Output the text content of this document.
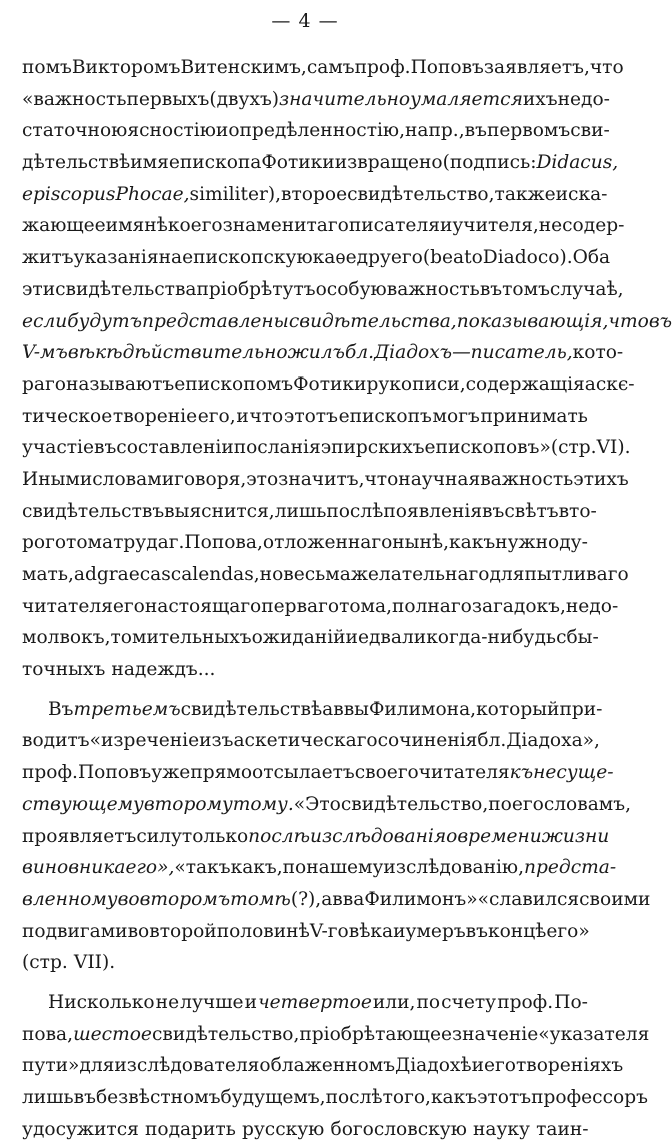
— 4 —
помъ Викторомъ Витенскимъ, самъ проф. Поповъ заявляетъ, что
«важность первыхъ (двухъ) значительно умаляется ихъ недо-
статочною ясностію и опредѣленностію, напр., въ первомъ сви-
дѣтельствѣ имя епископа Фотики извращено (подпись: Didacus,
episcopus Phocae, similiter), второе свидѣтельство, также иска-
жающее имя нѣкоего знаменитаго писателя и учителя, не содер-
житъ указанія на епископскую каѳедру его (beato Diadoco). Оба
эти свидѣтельства пріобрѣтутъ особую важность въ томъ случаѣ,
если будутъ представлены свидѣтельства, показывающія, что въ
V-мъ вѣкѣ дѣйствительно жилъ бл. Діадохъ — писатель, кото-
раго называютъ епископомъ Фотики рукописи, содержащія аскє-
тическое твореніе его, и что этотъ епископъ могъ принимать
участіе въ составленіи посланія эпирскихъ епископовъ» (стр. VI).
Иными словами говоря, это значитъ, что научная важность этихъ
свидѣтельствъ выяснится, лишь послѣ появленія въ свѣтъ вто-
рого тома труда г. Попова, отложеннаго нынѣ, какъ нужно ду-
мать, ad graecas calendas, но весьма желательнаго для пытливаго
читателя его настоящаго перваго тома, полнаго загадокъ, недо-
молвокъ, томительныхъ ожиданій и едва ли когда-нибудь сбы-
точныхъ надеждъ...
Въ третьемъ свидѣтельствѣ аввы Филимона, который при-
водитъ «изреченіе изъ аскетическаго сочиненія бл. Діадоха»,
проф. Поповъ уже прямо отсылаетъ своего читателя къ несуще-
ствующему второму тому. «Это свидѣтельство, по его словамъ,
проявляетъ силу только послѣ изслѣдованія о времени жизни
виновника его», «такъ какъ, по нашему изслѣдованію, предста-
вленному во второмъ томѣ (?), авва Филимонъ» «славился своими
подвигами во второй половинѣ V-го вѣка и умеръ въ концѣ его»
(стр. VII).
Нисколько не лучше и четвертое или, по счету проф. По-
пова, шестое свидѣтельство, пріобрѣтающее значеніе «указателя
пути» для изслѣдователя о блаженномъ Діадохѣ и его твореніяхъ
лишь въ безвѣстномъ будущемъ, послѣ того, какъ этотъ профессоръ
удосужится подарить русскую богословскую науку таин-
